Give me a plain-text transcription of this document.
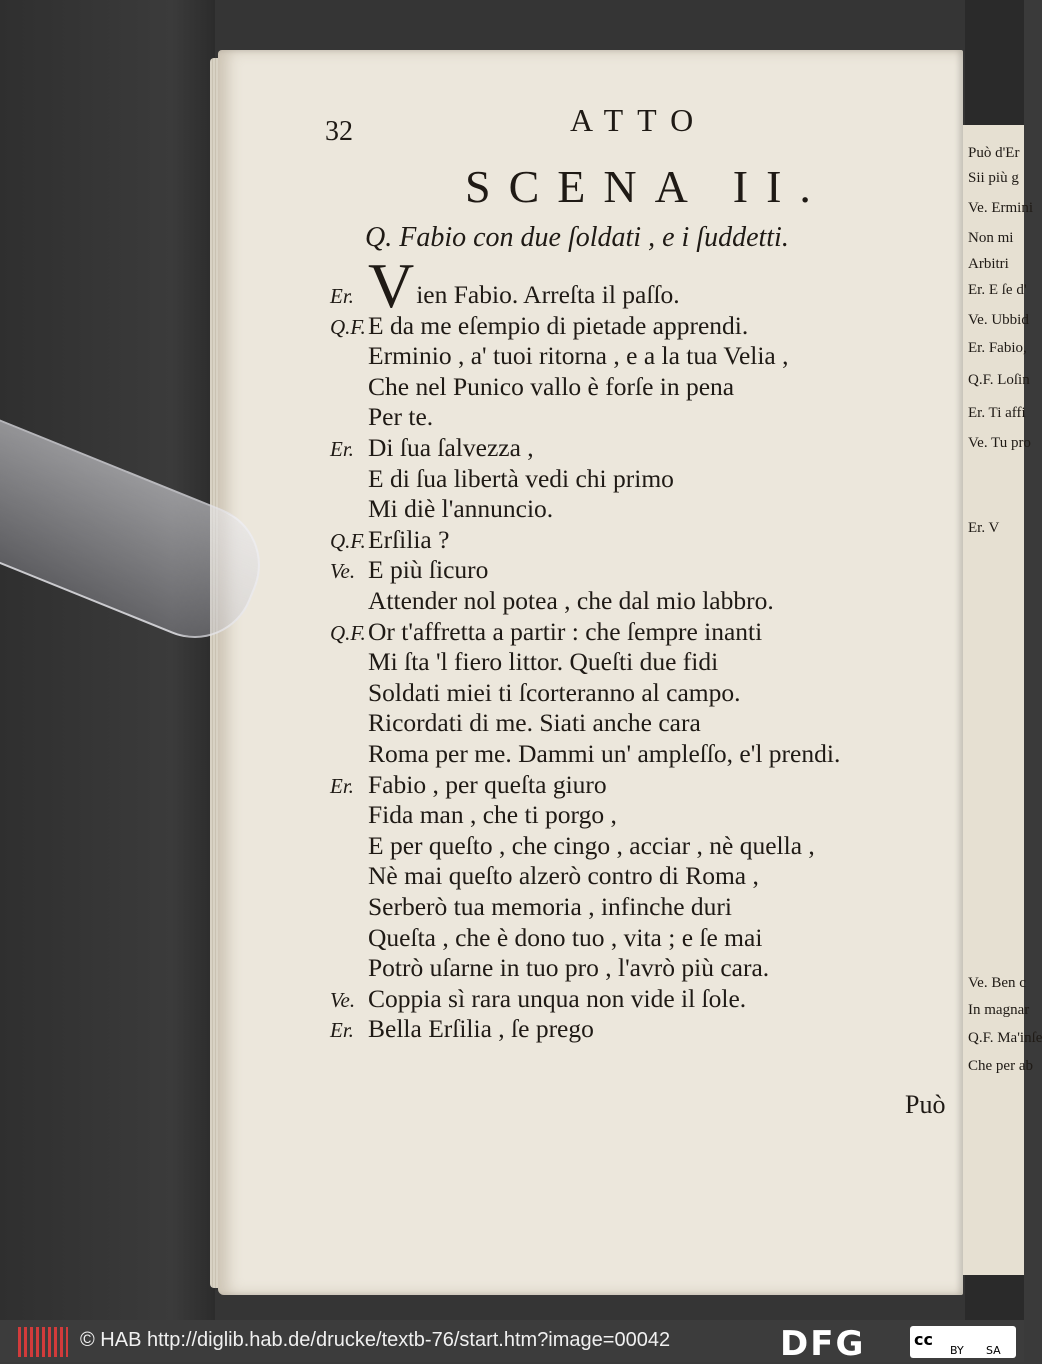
32	ATTO
SCENA II.
Q. Fabio con due ſoldati , e i ſuddetti.
Er. Vien Fabio. Arreſta il paſſo.
Q.F.E da me eſempio di pietade apprendi.
Erminio , a' tuoi ritorna , e a la tua Velia ,
Che nel Punico vallo è forſe in pena
Per te.
Er. Di ſua ſalvezza ,
E di ſua libertà vedi chi primo
Mi diè l'annuncio.
Q.F.Erſilia ?
Ve. E più ſicuro
Attender nol potea , che dal mio labbro.
Q.F.Or t'affretta a partir : che ſempre inanti
Mi ſta 'l fiero littor. Queſti due fidi
Soldati miei ti ſcorteranno al campo.
Ricordati di me. Siati anche cara
Roma per me. Dammi un' ampleſſo, e'l prendi.
Er. Fabio , per queſta giuro
Fida man , che ti porgo ,
E per queſto , che cingo , acciar , nè quella ,
Nè mai queſto alzerò contro di Roma ,
Serberò tua memoria , infinche duri
Queſta , che è dono tuo , vita ; e ſe mai
Potrò uſarne in tuo pro , l'avrò più cara.
Ve. Coppia sì rara unqua non vide il ſole.
Er. Bella Erſilia , ſe prego
Può
Può d'Er
Sii più g
Ve. Ermini
Non mi
Arbitri
Er. E ſe d'
Ve. Ubbid
Er. Fabio,
Q.F. Loſin
Er. Ti affi
Ve. Tu pro
Er. V
Ve. Ben c
In magnar
Q.F. Ma'inſe
Che per ab
© HAB http://diglib.hab.de/drucke/textb-76/start.htm?image=00042	DFG	cc
BY SA
